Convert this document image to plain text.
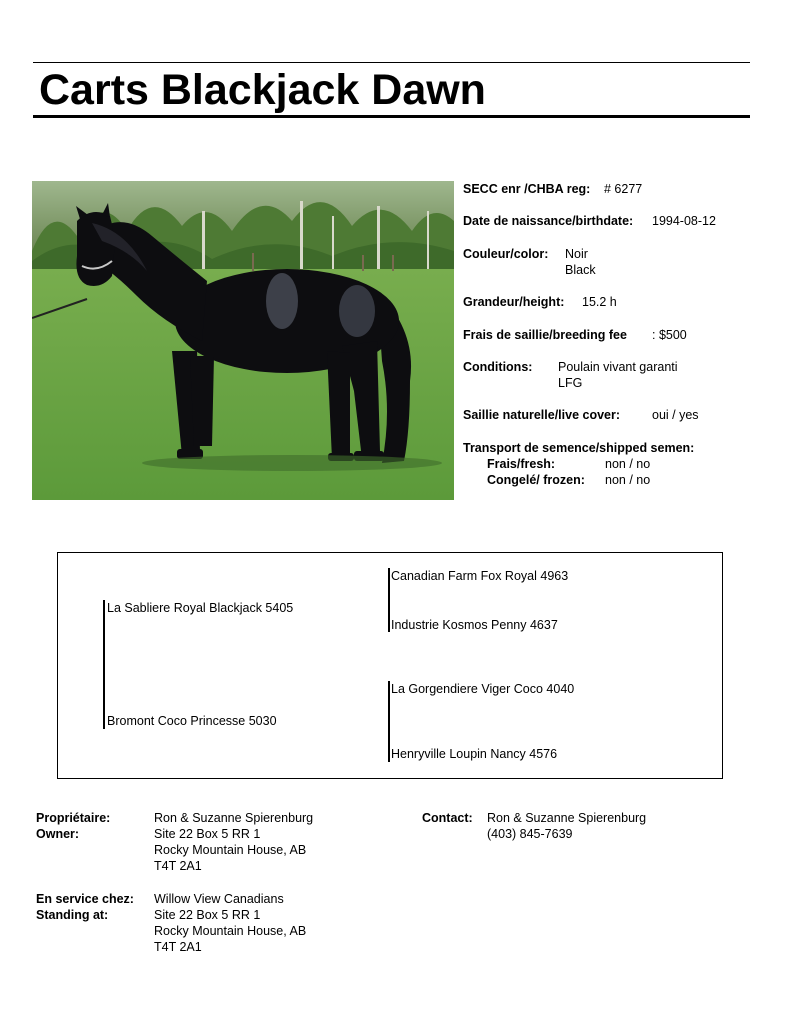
Carts Blackjack Dawn
SECC enr /CHBA reg: # 6277
Date de naissance/birthdate: 1994-08-12
Couleur/color: Noir
Black
Grandeur/height: 15.2 h
Frais de saillie/breeding fee : $500
Conditions: Poulain vivant garanti
LFG
Saillie naturelle/live cover:	oui / yes
Transport de semence/shipped semen:
Frais/fresh:	non / no
Congelé/ frozen: non / no
La Sabliere Royal Blackjack 5405
Bromont Coco Princesse 5030
Canadian Farm Fox Royal 4963
Industrie Kosmos Penny 4637
La Gorgendiere Viger Coco 4040
Henryville Loupin Nancy 4576
Propriétaire:
Owner:
Ron & Suzanne Spierenburg
Site 22 Box 5 RR 1
Rocky Mountain House, AB
T4T 2A1
En service chez:
Standing at:
Willow View Canadians
Site 22 Box 5 RR 1
Rocky Mountain House, AB
T4T 2A1
Contact: Ron & Suzanne Spierenburg
(403) 845-7639
